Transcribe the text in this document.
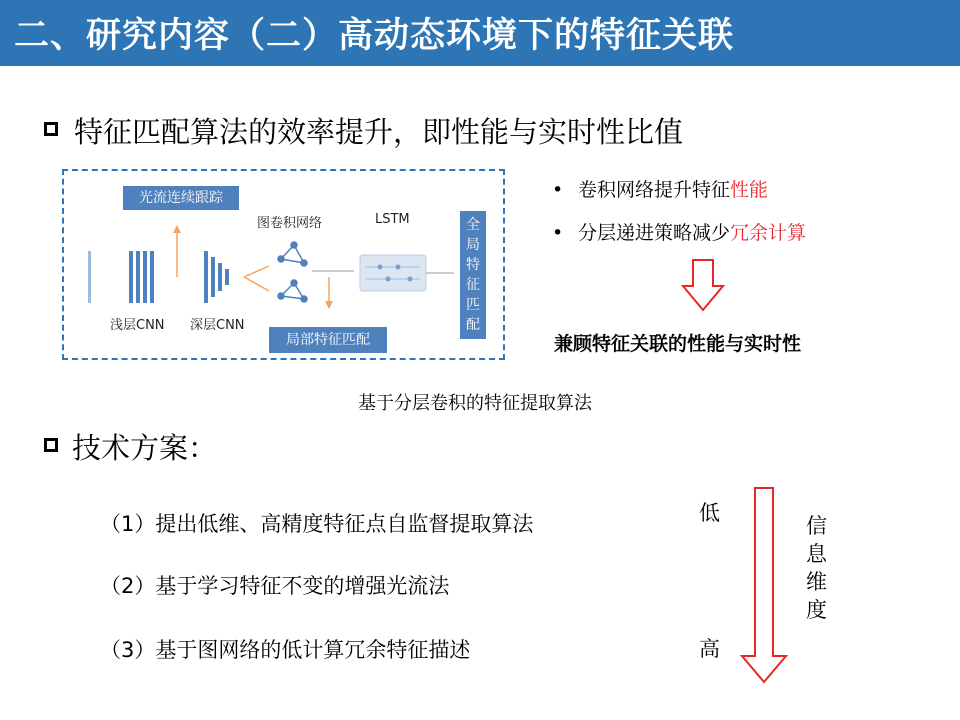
二、研究内容（二）高动态环境下的特征关联
特征匹配算法的效率提升，即性能与实时性比值
光流连续跟踪
图卷积网络	LSTM
浅层CNN 深层CNN
局部特征匹配
全
局
特
征
匹
配
• 卷积网络提升特征性能
• 分层递进策略减少冗余计算
兼顾特征关联的性能与实时性
基于分层卷积的特征提取算法
技术方案：
（1）提出低维、高精度特征点自监督提取算法
（2）基于学习特征不变的增强光流法
（3）基于图网络的低计算冗余特征描述
低
高
信
息
维
度
